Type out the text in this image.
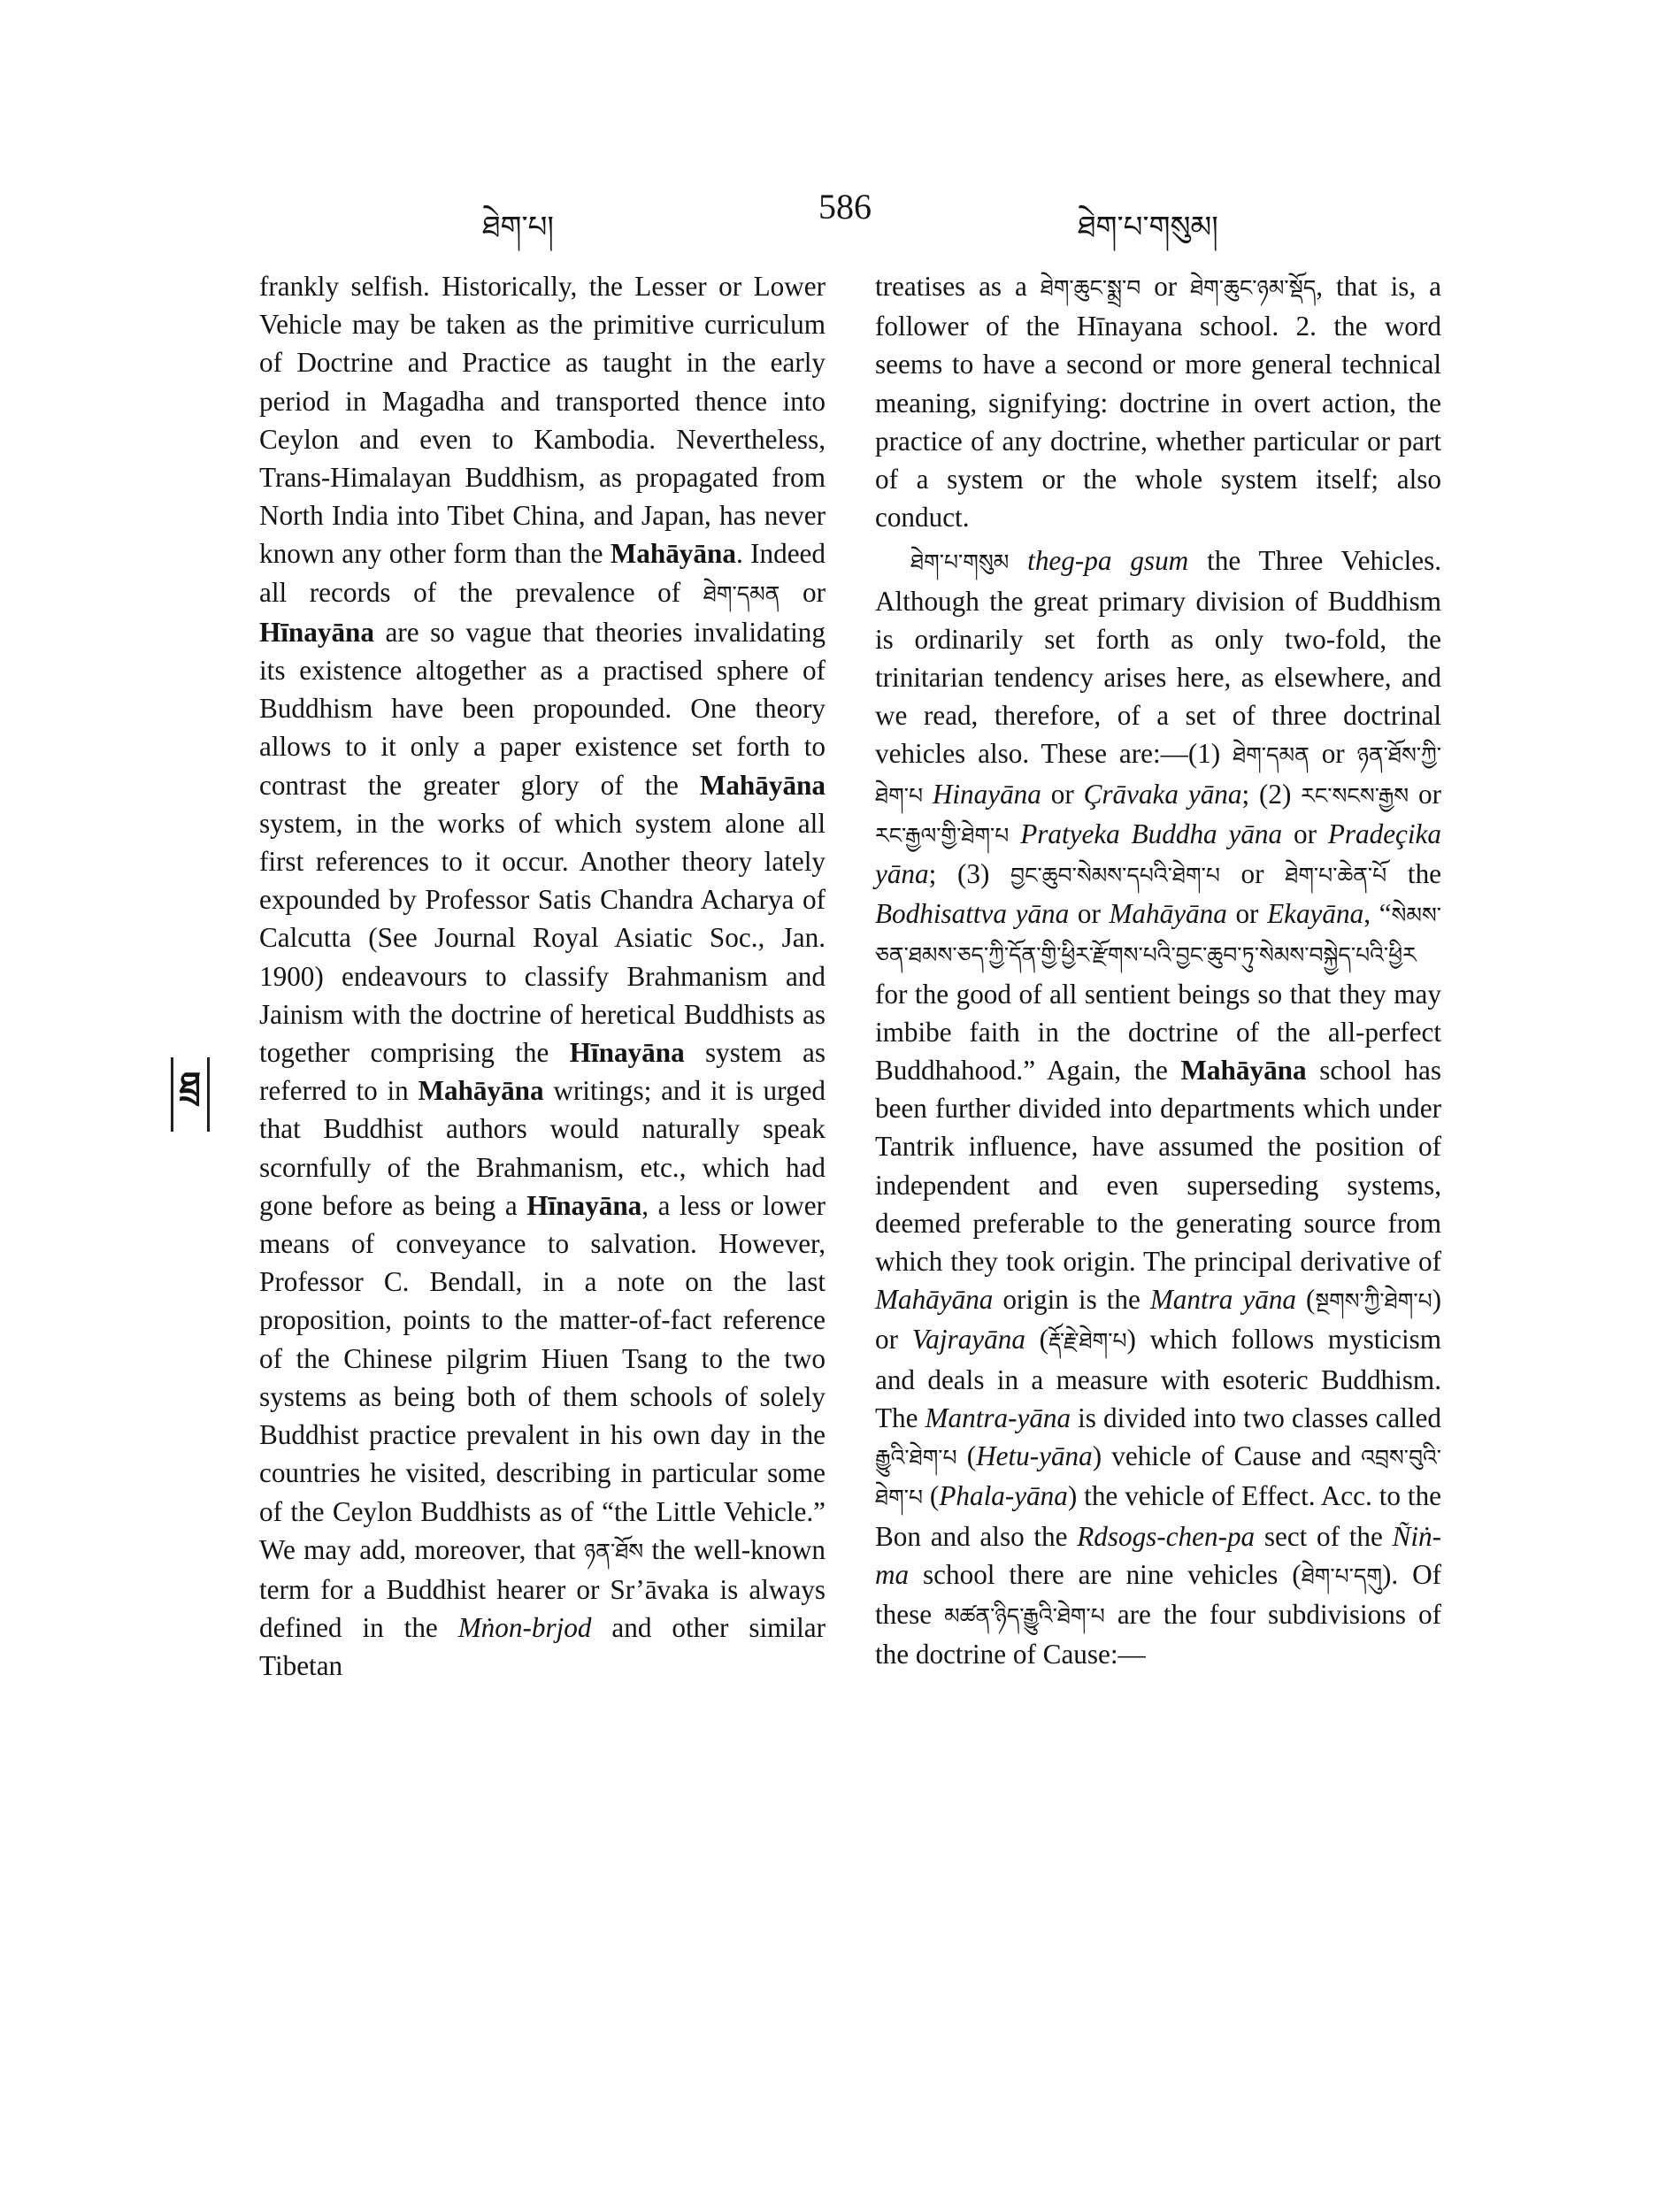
ཐེག་པ།
586
ཐེག་པ་གསུམ།
ཐྲ

frankly selfish. Historically, the Lesser or Lower Vehicle may be taken as the primitive curriculum of Doctrine and Practice as taught in the early period in Magadha and transported thence into Ceylon and even to Kambodia. Nevertheless, Trans-Himalayan Buddhism, as propagated from North India into Tibet China, and Japan, has never known any other form than the Mahāyāna. Indeed all records of the prevalence of ཐེག་དམན or Hīnayāna are so vague that theories invalidating its existence altogether as a practised sphere of Buddhism have been propounded. One theory allows to it only a paper existence set forth to contrast the greater glory of the Mahāyāna system, in the works of which system alone all first references to it occur. Another theory lately expounded by Professor Satis Chandra Acharya of Calcutta (See Journal Royal Asiatic Soc., Jan. 1900) endeavours to classify Brahmanism and Jainism with the doctrine of heretical Buddhists as together comprising the Hīnayāna system as referred to in Mahāyāna writings; and it is urged that Buddhist authors would naturally speak scornfully of the Brahmanism, etc., which had gone before as being a Hīnayāna, a less or lower means of conveyance to salvation. However, Professor C. Bendall, in a note on the last proposition, points to the matter-of-fact reference of the Chinese pilgrim Hiuen Tsang to the two systems as being both of them schools of solely Buddhist practice prevalent in his own day in the countries he visited, describing in particular some of the Ceylon Buddhists as of “the Little Vehicle.” We may add, moreover, that ཉན་ཐོས the well-known term for a Buddhist hearer or Sr’āvaka is always defined in the Mṅon-brjod and other similar Tibetan

treatises as a ཐེག་ཆུང་སྨྲ་བ or ཐེག་ཆུང་ཉམ་སྡོད, that is, a follower of the Hīnayana school. 2. the word seems to have a second or more general technical meaning, signifying: doctrine in overt action, the practice of any doctrine, whether particular or part of a system or the whole system itself; also conduct.

ཐེག་པ་གསུམ theg-pa gsum the Three Vehicles. Although the great primary division of Buddhism is ordinarily set forth as only two-fold, the trinitarian tendency arises here, as elsewhere, and we read, therefore, of a set of three doctrinal vehicles also. These are:—(1) ཐེག་དམན or ཉན་ཐོས་ཀྱི་ཐེག་པ Hinayāna or Çrāvaka yāna; (2) རང་སངས་རྒྱས or རང་རྒྱལ་གྱི་ཐེག་པ Pratyeka Buddha yāna or Pradeçika yāna; (3) བྱང་ཆུབ་སེམས་དཔའི་ཐེག་པ or ཐེག་པ་ཆེན་པོ the Bodhisattva yāna or Mahāyāna or Ekayāna, “སེམས་ཅན་ཐམས་ཅད་ཀྱི་དོན་གྱི་ཕྱིར་རྫོགས་པའི་བྱང་ཆུབ་ཏུ་སེམས་བསྐྱེད་པའི་ཕྱིར for the good of all sentient beings so that they may imbibe faith in the doctrine of the all-perfect Buddhahood.” Again, the Mahāyāna school has been further divided into departments which under Tantrik influence, have assumed the position of independent and even superseding systems, deemed preferable to the generating source from which they took origin. The principal derivative of Mahāyāna origin is the Mantra yāna (སྔགས་ཀྱི་ཐེག་པ) or Vajrayāna (རྡོ་རྗེ་ཐེག་པ) which follows mysticism and deals in a measure with esoteric Buddhism. The Mantra-yāna is divided into two classes called རྒྱུའི་ཐེག་པ (Hetu-yāna) vehicle of Cause and འབྲས་བུའི་ཐེག་པ (Phala-yāna) the vehicle of Effect. Acc. to the Bon and also the Rdsogs-chen-pa sect of the Ñiṅ-ma school there are nine vehicles (ཐེག་པ་དགུ). Of these མཚན་ཉིད་རྒྱུའི་ཐེག་པ are the four subdivisions of the doctrine of Cause:—
